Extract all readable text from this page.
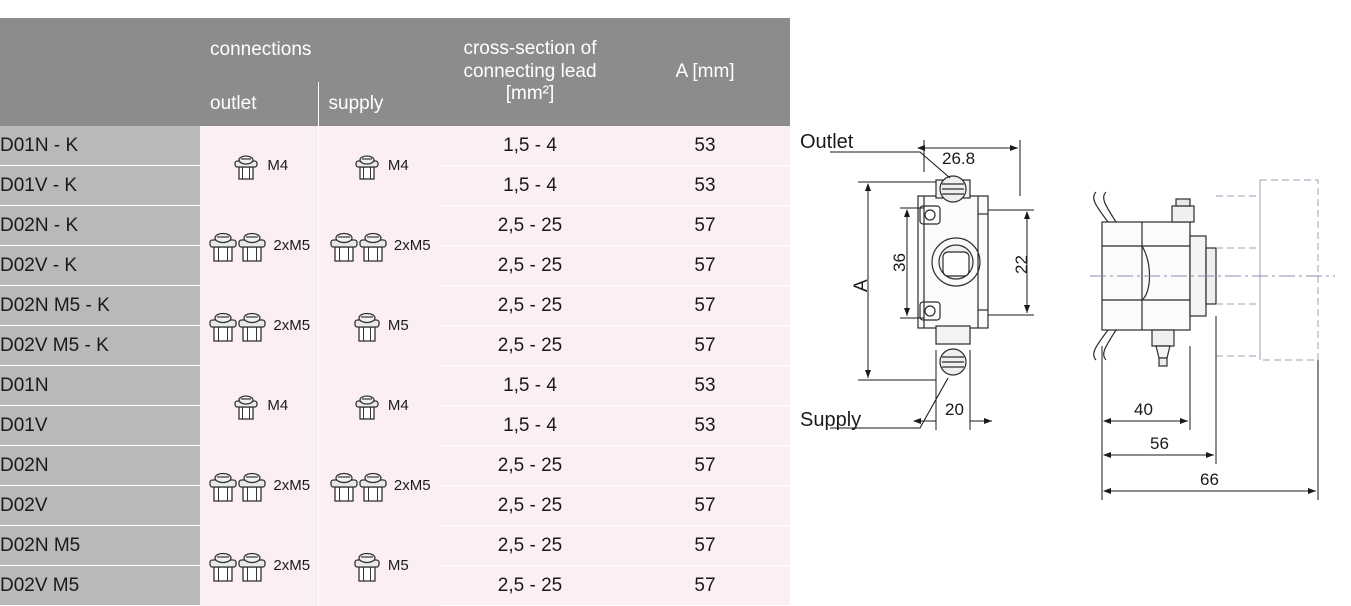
	connections		cross-section of
connecting lead
[mm²]	A [mm]
	outlet	supply		
D01N - K	M4	M4	1,5 - 4	53
D01V - K			1,5 - 4	53
D02N - K	2xM5	2xM5	2,5 - 25	57
D02V - K			2,5 - 25	57
D02N M5 - K	2xM5	M5	2,5 - 25	57
D02V M5 - K			2,5 - 25	57
D01N	M4	M4	1,5 - 4	53
D01V			1,5 - 4	53
D02N	2xM5	2xM5	2,5 - 25	57
D02V			2,5 - 25	57
D02N M5	2xM5	M5	2,5 - 25	57
D02V M5			2,5 - 25	57
Outlet
Supply
26.8
36	22
A
20	40
56
66
